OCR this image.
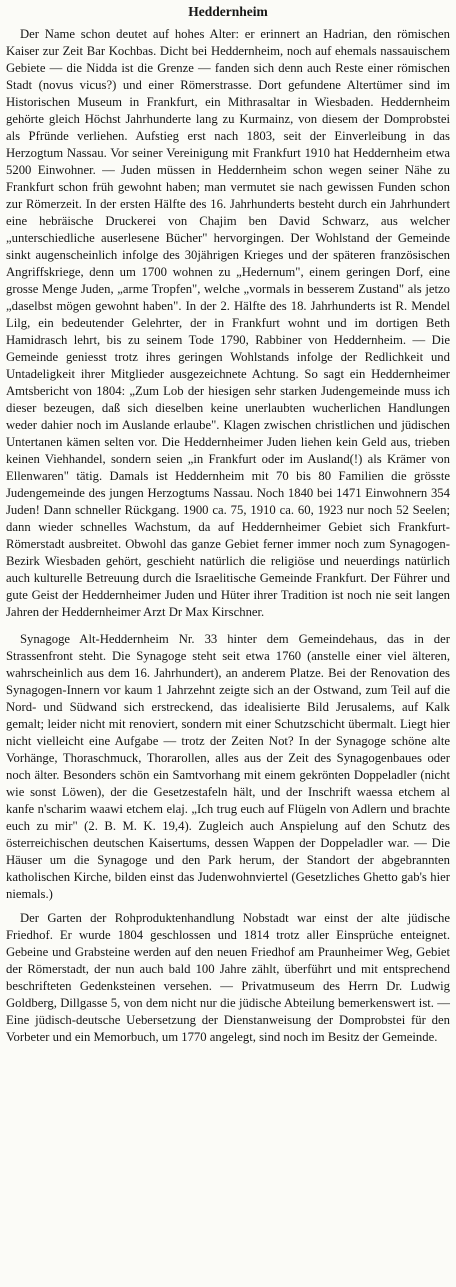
Heddernheim

Der Name schon deutet auf hohes Alter: er erinnert an Hadrian, den römischen Kaiser zur Zeit Bar Kochbas. Dicht bei Heddernheim, noch auf ehemals nassauischem Gebiete — die Nidda ist die Grenze — fanden sich denn auch Reste einer römischen Stadt (novus vicus?) und einer Römerstrasse. Dort gefundene Altertümer sind im Historischen Museum in Frankfurt, ein Mithrasaltar in Wiesbaden. Heddernheim gehörte gleich Höchst Jahrhunderte lang zu Kurmainz, von diesem der Domprobstei als Pfründe verliehen. Aufstieg erst nach 1803, seit der Einverleibung in das Herzogtum Nassau. Vor seiner Vereinigung mit Frankfurt 1910 hat Heddernheim etwa 5200 Einwohner. — Juden müssen in Heddernheim schon wegen seiner Nähe zu Frankfurt schon früh gewohnt haben; man vermutet sie nach gewissen Funden schon zur Römerzeit. In der ersten Hälfte des 16. Jahrhunderts besteht durch ein Jahrhundert eine hebräische Druckerei von Chajim ben David Schwarz, aus welcher „unterschiedliche auserlesene Bücher" hervorgingen. Der Wohlstand der Gemeinde sinkt augenscheinlich infolge des 30jährigen Krieges und der späteren französischen Angriffskriege, denn um 1700 wohnen zu „Hedernum", einem geringen Dorf, eine grosse Menge Juden, „arme Tropfen", welche „vormals in besserem Zustand" als jetzo „daselbst mögen gewohnt haben". In der 2. Hälfte des 18. Jahrhunderts ist R. Mendel Lilg, ein bedeutender Gelehrter, der in Frankfurt wohnt und im dortigen Beth Hamidrasch lehrt, bis zu seinem Tode 1790, Rabbiner von Heddernheim. — Die Gemeinde geniesst trotz ihres geringen Wohlstands infolge der Redlichkeit und Untadeligkeit ihrer Mitglieder ausgezeichnete Achtung. So sagt ein Heddernheimer Amtsbericht von 1804: „Zum Lob der hiesigen sehr starken Judengemeinde muss ich dieser bezeugen, daß sich dieselben keine unerlaubten wucherlichen Handlungen weder dahier noch im Auslande erlaube". Klagen zwischen christlichen und jüdischen Untertanen kämen selten vor. Die Heddernheimer Juden liehen kein Geld aus, trieben keinen Viehhandel, sondern seien „in Frankfurt oder im Ausland(!) als Krämer von Ellenwaren" tätig. Damals ist Heddernheim mit 70 bis 80 Familien die grösste Judengemeinde des jungen Herzogtums Nassau. Noch 1840 bei 1471 Einwohnern 354 Juden! Dann schneller Rückgang. 1900 ca. 75, 1910 ca. 60, 1923 nur noch 52 Seelen; dann wieder schnelles Wachstum, da auf Heddernheimer Gebiet sich Frankfurt-Römerstadt ausbreitet. Obwohl das ganze Gebiet ferner immer noch zum Synagogen-Bezirk Wiesbaden gehört, geschieht natürlich die religiöse und neuerdings natürlich auch kulturelle Betreuung durch die Israelitische Gemeinde Frankfurt. Der Führer und gute Geist der Heddernheimer Juden und Hüter ihrer Tradition ist noch nie seit langen Jahren der Heddernheimer Arzt Dr Max Kirschner.

Synagoge Alt-Heddernheim Nr. 33 hinter dem Gemeindehaus, das in der Strassenfront steht. Die Synagoge steht seit etwa 1760 (anstelle einer viel älteren, wahrscheinlich aus dem 16. Jahrhundert), an anderem Platze. Bei der Renovation des Synagogen-Innern vor kaum 1 Jahrzehnt zeigte sich an der Ostwand, zum Teil auf die Nord- und Südwand sich erstreckend, das idealisierte Bild Jerusalems, auf Kalk gemalt; leider nicht mit renoviert, sondern mit einer Schutzschicht übermalt. Liegt hier nicht vielleicht eine Aufgabe — trotz der Zeiten Not? In der Synagoge schöne alte Vorhänge, Thoraschmuck, Thorarollen, alles aus der Zeit des Synagogenbaues oder noch älter. Besonders schön ein Samtvorhang mit einem gekrönten Doppeladler (nicht wie sonst Löwen), der die Gesetzestafeln hält, und der Inschrift waessa etchem al kanfe n'scharim waawi etchem elaj. „Ich trug euch auf Flügeln von Adlern und brachte euch zu mir" (2. B. M. K. 19,4). Zugleich auch Anspielung auf den Schutz des österreichischen deutschen Kaisertums, dessen Wappen der Doppeladler war. — Die Häuser um die Synagoge und den Park herum, der Standort der abgebrannten katholischen Kirche, bilden einst das Judenwohnviertel (Gesetzliches Ghetto gab's hier niemals.)

Der Garten der Rohproduktenhandlung Nobstadt war einst der alte jüdische Friedhof. Er wurde 1804 geschlossen und 1814 trotz aller Einsprüche enteignet. Gebeine und Grabsteine werden auf den neuen Friedhof am Praunheimer Weg, Gebiet der Römerstadt, der nun auch bald 100 Jahre zählt, überführt und mit entsprechend beschrifteten Gedenksteinen versehen. — Privatmuseum des Herrn Dr. Ludwig Goldberg, Dillgasse 5, von dem nicht nur die jüdische Abteilung bemerkenswert ist. — Eine jüdisch-deutsche Uebersetzung der Dienstanweisung der Domprobstei für den Vorbeter und ein Memorbuch, um 1770 angelegt, sind noch im Besitz der Gemeinde.
